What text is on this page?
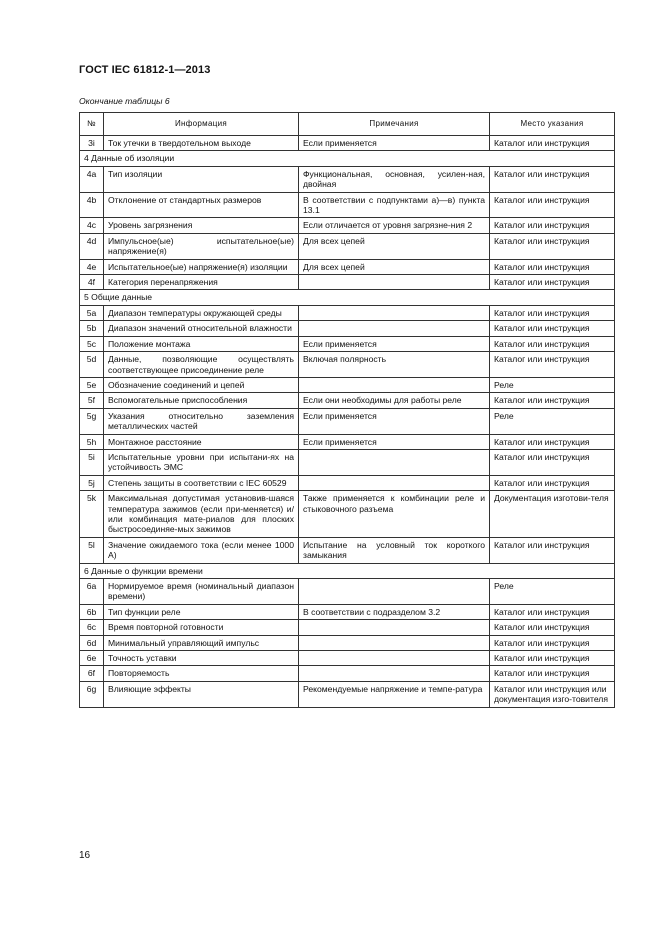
ГОСТ IEC 61812-1—2013
Окончание таблицы 6
№	Информация	Примечания	Место указания
3i	Ток утечки в твердотельном выходе	Если применяется	Каталог или инструкция
4 Данные об изоляции			
4a	Тип изоляции	Функциональная, основная, усилен-ная, двойная	Каталог или инструкция
4b	Отклонение от стандартных размеров	В соответствии с подпунктами а)—в) пункта 13.1	Каталог или инструкция
4c	Уровень загрязнения	Если отличается от уровня загрязне-ния 2	Каталог или инструкция
4d	Импульсное(ые) испытательное(ые) напряжение(я)	Для всех цепей	Каталог или инструкция
4e	Испытательное(ые) напряжение(я) изоляции	Для всех цепей	Каталог или инструкция
4f	Категория перенапряжения		Каталог или инструкция
5 Общие данные			
5a	Диапазон температуры окружающей среды		Каталог или инструкция
5b	Диапазон значений относительной влажности		Каталог или инструкция
5c	Положение монтажа	Если применяется	Каталог или инструкция
5d	Данные, позволяющие осуществлять соответствующее присоединение реле	Включая полярность	Каталог или инструкция
5e	Обозначение соединений и цепей		Реле
5f	Вспомогательные приспособления	Если они необходимы для работы реле	Каталог или инструкция
5g	Указания относительно заземления металлических частей	Если применяется	Реле
5h	Монтажное расстояние	Если применяется	Каталог или инструкция
5i	Испытательные уровни при испытани-ях на устойчивость ЭМС		Каталог или инструкция
5j	Степень защиты в соответствии с IEC 60529		Каталог или инструкция
5k	Максимальная допустимая установив-шаяся температура зажимов (если при-меняется) и/или комбинация мате-риалов для плоских быстросоединяе-мых зажимов	Также применяется к комбинации реле и стыковочного разъема	Документация изготови-теля
5l	Значение ожидаемого тока (если менее 1000 А)	Испытание на условный ток короткого замыкания	Каталог или инструкция
6 Данные о функции времени			
6a	Нормируемое время (номинальный диапазон времени)		Реле
6b	Тип функции реле	В соответствии с подразделом 3.2	Каталог или инструкция
6c	Время повторной готовности		Каталог или инструкция
6d	Минимальный управляющий импульс		Каталог или инструкция
6e	Точность уставки		Каталог или инструкция
6f	Повторяемость		Каталог или инструкция
6g	Влияющие эффекты	Рекомендуемые напряжение и темпе-ратура	Каталог или инструкция или документация изго-товителя
16
